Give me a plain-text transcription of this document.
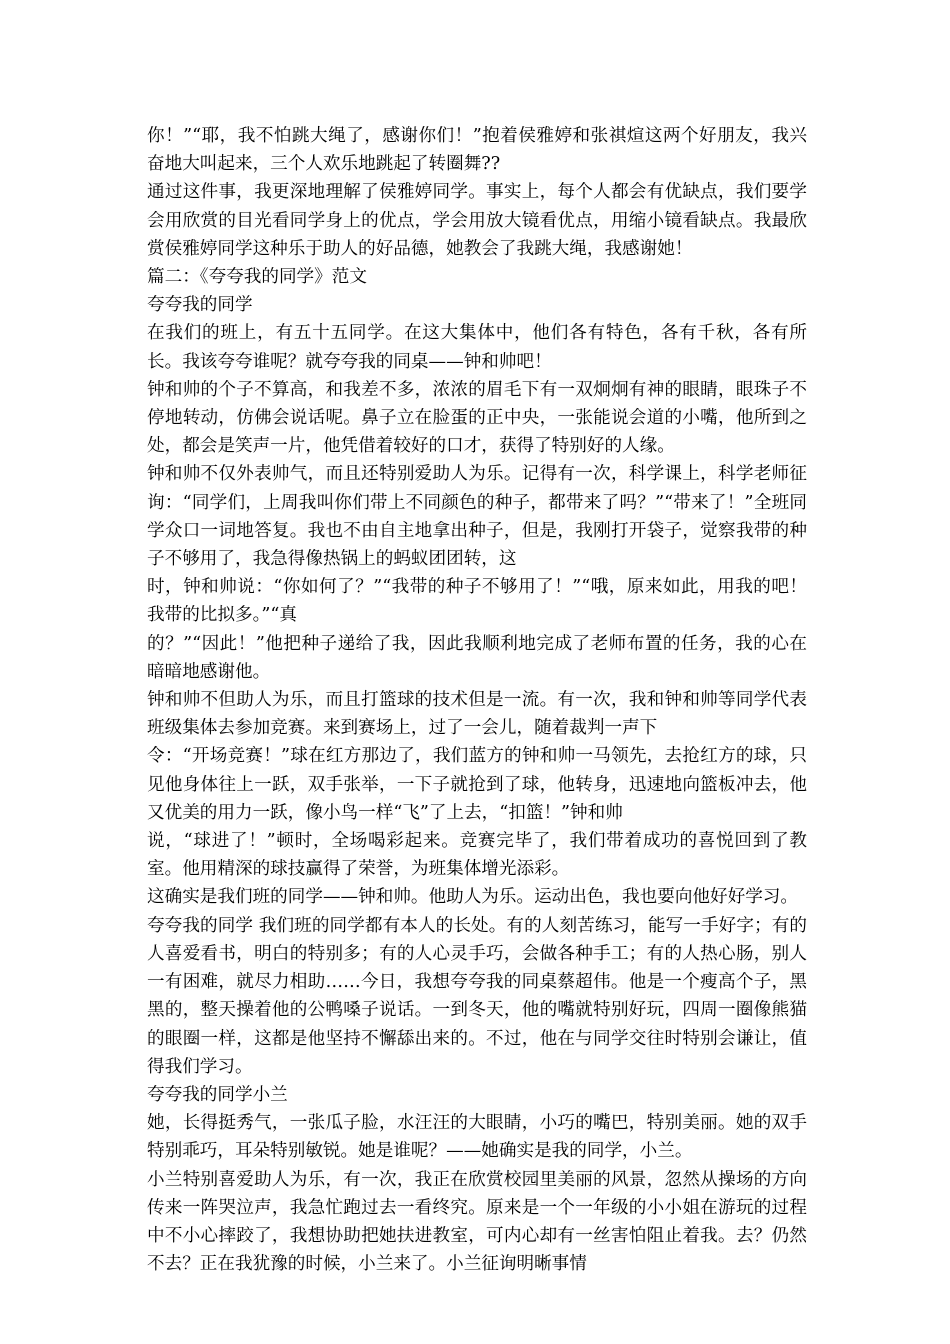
你！”“耶，我不怕跳大绳了，感谢你们！”抱着侯雅婷和张祺煊这两个好朋友，我兴奋地大叫起来，三个人欢乐地跳起了转圈舞??

通过这件事，我更深地理解了侯雅婷同学。事实上，每个人都会有优缺点，我们要学会用欣赏的目光看同学身上的优点，学会用放大镜看优点，用缩小镜看缺点。我最欣赏侯雅婷同学这种乐于助人的好品德，她教会了我跳大绳，我感谢她！

篇二：《夸夸我的同学》范文

夸夸我的同学

在我们的班上，有五十五同学。在这大集体中，他们各有特色，各有千秋，各有所长。我该夸夸谁呢？就夸夸我的同桌——钟和帅吧！

钟和帅的个子不算高，和我差不多，浓浓的眉毛下有一双炯炯有神的眼睛，眼珠子不停地转动，仿佛会说话呢。鼻子立在脸蛋的正中央，一张能说会道的小嘴，他所到之处，都会是笑声一片，他凭借着较好的口才，获得了特别好的人缘。

钟和帅不仅外表帅气，而且还特别爱助人为乐。记得有一次，科学课上，科学老师征询：“同学们，上周我叫你们带上不同颜色的种子，都带来了吗？”“带来了！”全班同学众口一词地答复。我也不由自主地拿出种子，但是，我刚打开袋子，觉察我带的种子不够用了，我急得像热锅上的蚂蚁团团转，这

时，钟和帅说：“你如何了？”“我带的种子不够用了！”“哦，原来如此，用我的吧！我带的比拟多。”“真

的？”“因此！”他把种子递给了我，因此我顺利地完成了老师布置的任务，我的心在暗暗地感谢他。

钟和帅不但助人为乐，而且打篮球的技术但是一流。有一次，我和钟和帅等同学代表班级集体去参加竞赛。来到赛场上，过了一会儿，随着裁判一声下

令：“开场竞赛！”球在红方那边了，我们蓝方的钟和帅一马领先，去抢红方的球，只见他身体往上一跃，双手张举，一下子就抢到了球，他转身，迅速地向篮板冲去，他又优美的用力一跃，像小鸟一样“飞”了上去，“扣篮！”钟和帅

说，“球进了！”顿时，全场喝彩起来。竞赛完毕了，我们带着成功的喜悦回到了教室。他用精深的球技赢得了荣誉，为班集体增光添彩。

这确实是我们班的同学——钟和帅。他助人为乐。运动出色，我也要向他好好学习。

夸夸我的同学 我们班的同学都有本人的长处。有的人刻苦练习，能写一手好字；有的人喜爱看书，明白的特别多；有的人心灵手巧，会做各种手工；有的人热心肠，别人一有困难，就尽力相助……今日，我想夸夸我的同桌蔡超伟。他是一个瘦高个子，黑黑的，整天操着他的公鸭嗓子说话。一到冬天，他的嘴就特别好玩，四周一圈像熊猫的眼圈一样，这都是他坚持不懈舔出来的。不过，他在与同学交往时特别会谦让，值得我们学习。

夸夸我的同学小兰

她，长得挺秀气，一张瓜子脸，水汪汪的大眼睛，小巧的嘴巴，特别美丽。她的双手特别乖巧，耳朵特别敏锐。她是谁呢？——她确实是我的同学，小兰。

小兰特别喜爱助人为乐，有一次，我正在欣赏校园里美丽的风景，忽然从操场的方向传来一阵哭泣声，我急忙跑过去一看终究。原来是一个一年级的小小姐在游玩的过程中不小心摔跤了，我想协助把她扶进教室，可内心却有一丝害怕阻止着我。去？仍然不去？正在我犹豫的时候，小兰来了。小兰征询明晰事情
